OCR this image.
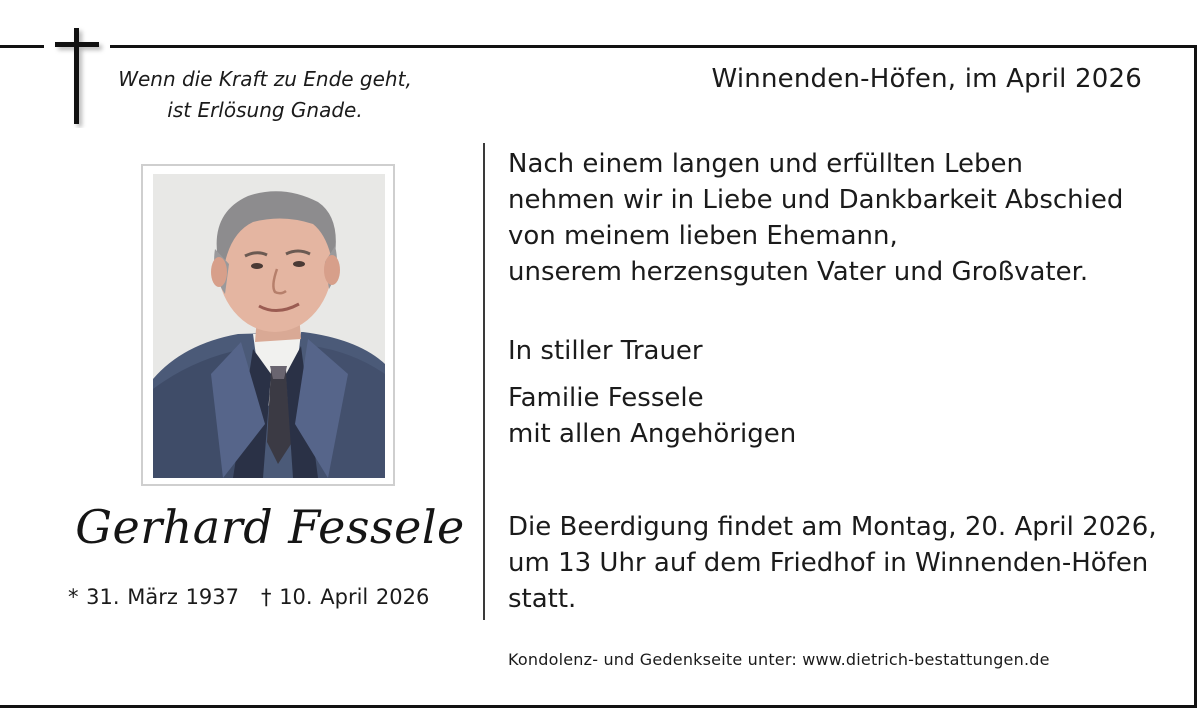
Wenn die Kraft zu Ende geht,

ist Erlösung Gnade.

Winnenden-Höfen, im April 2026
Gerhard Fessele
* 31. März 1937 † 10. April 2026

Nach einem langen und erfüllten Leben

nehmen wir in Liebe und Dankbarkeit Abschied

von meinem lieben Ehemann,

unserem herzensguten Vater und Großvater.

In stiller Trauer

Familie Fessele

mit allen Angehörigen

Die Beerdigung findet am Montag, 20. April 2026,

um 13 Uhr auf dem Friedhof in Winnenden-Höfen

statt.

Kondolenz- und Gedenkseite unter: www.dietrich-bestattungen.de
